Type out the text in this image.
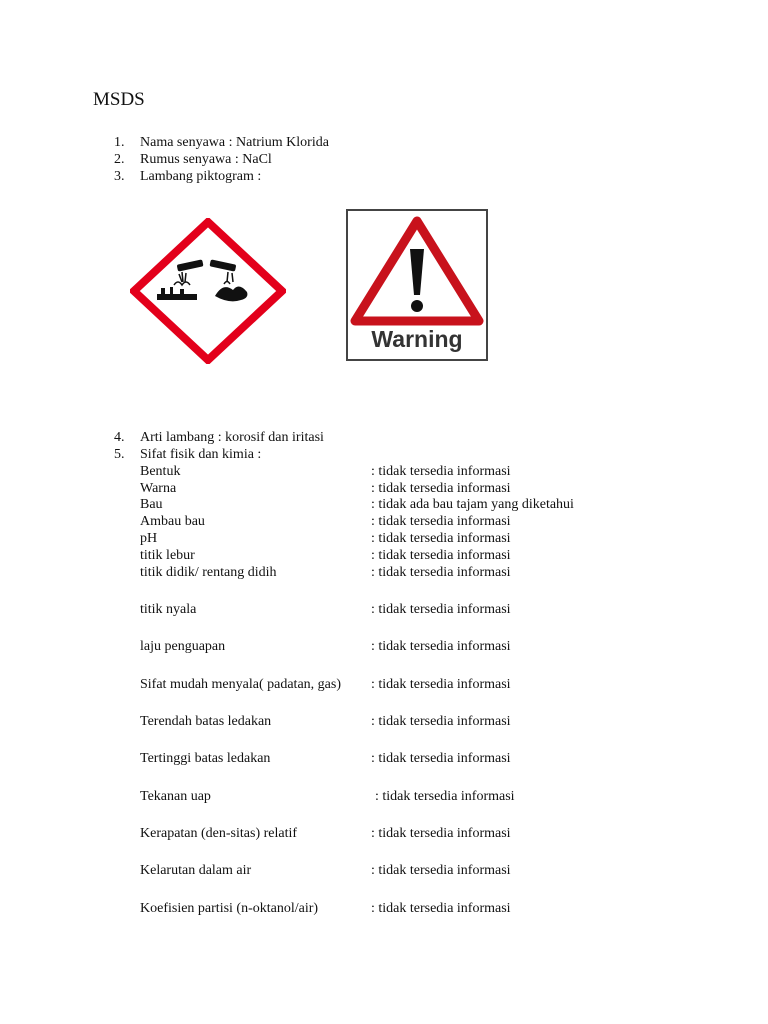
MSDS
1. Nama senyawa : Natrium Klorida
2. Rumus senyawa : NaCl
3. Lambang piktogram :
Warning
4. Arti lambang : korosif dan iritasi
5. Sifat fisik dan kimia :
Bentuk	: tidak tersedia informasi
Warna	: tidak tersedia informasi
Bau	: tidak ada bau tajam yang diketahui
Ambau bau	: tidak tersedia informasi
pH	: tidak tersedia informasi
titik lebur	: tidak tersedia informasi
titik didik/ rentang didih	: tidak tersedia informasi
titik nyala	: tidak tersedia informasi
laju penguapan	: tidak tersedia informasi
Sifat mudah menyala( padatan, gas) : tidak tersedia informasi
Terendah batas ledakan	: tidak tersedia informasi
Tertinggi batas ledakan	: tidak tersedia informasi
Tekanan uap	: tidak tersedia informasi
Kerapatan (den-sitas) relatif	: tidak tersedia informasi
Kelarutan dalam air	: tidak tersedia informasi
Koefisien partisi (n-oktanol/air)	: tidak tersedia informasi
